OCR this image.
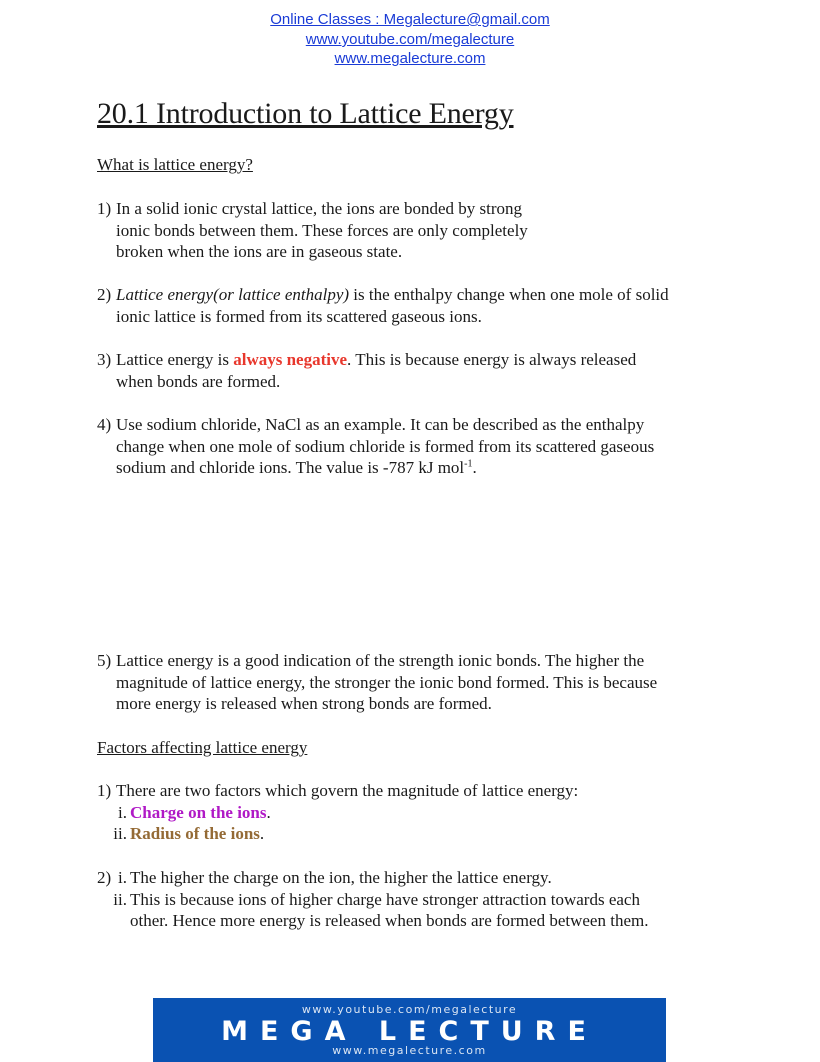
Online Classes : Megalecture@gmail.com
www.youtube.com/megalecture
www.megalecture.com
20.1 Introduction to Lattice Energy
What is lattice energy?
1) In a solid ionic crystal lattice, the ions are bonded by strong
ionic bonds between them. These forces are only completely
broken when the ions are in gaseous state.
2) Lattice energy(or lattice enthalpy) is the enthalpy change when one mole of solid
ionic lattice is formed from its scattered gaseous ions.
3) Lattice energy is always negative. This is because energy is always released
when bonds are formed.
4) Use sodium chloride, NaCl as an example. It can be described as the enthalpy
change when one mole of sodium chloride is formed from its scattered gaseous
sodium and chloride ions. The value is -787 kJ mol$^{-1}$.
5) Lattice energy is a good indication of the strength ionic bonds. The higher the
magnitude of lattice energy, the stronger the ionic bond formed. This is because
more energy is released when strong bonds are formed.
Factors affecting lattice energy
1) There are two factors which govern the magnitude of lattice energy:
i. Charge on the ions.
ii. Radius of the ions.
2) i. The higher the charge on the ion, the higher the lattice energy.
ii. This is because ions of higher charge have stronger attraction towards each
other. Hence more energy is released when bonds are formed between them.
www.youtube.com/megalecture
MEGA LECTURE
www.megalecture.com
